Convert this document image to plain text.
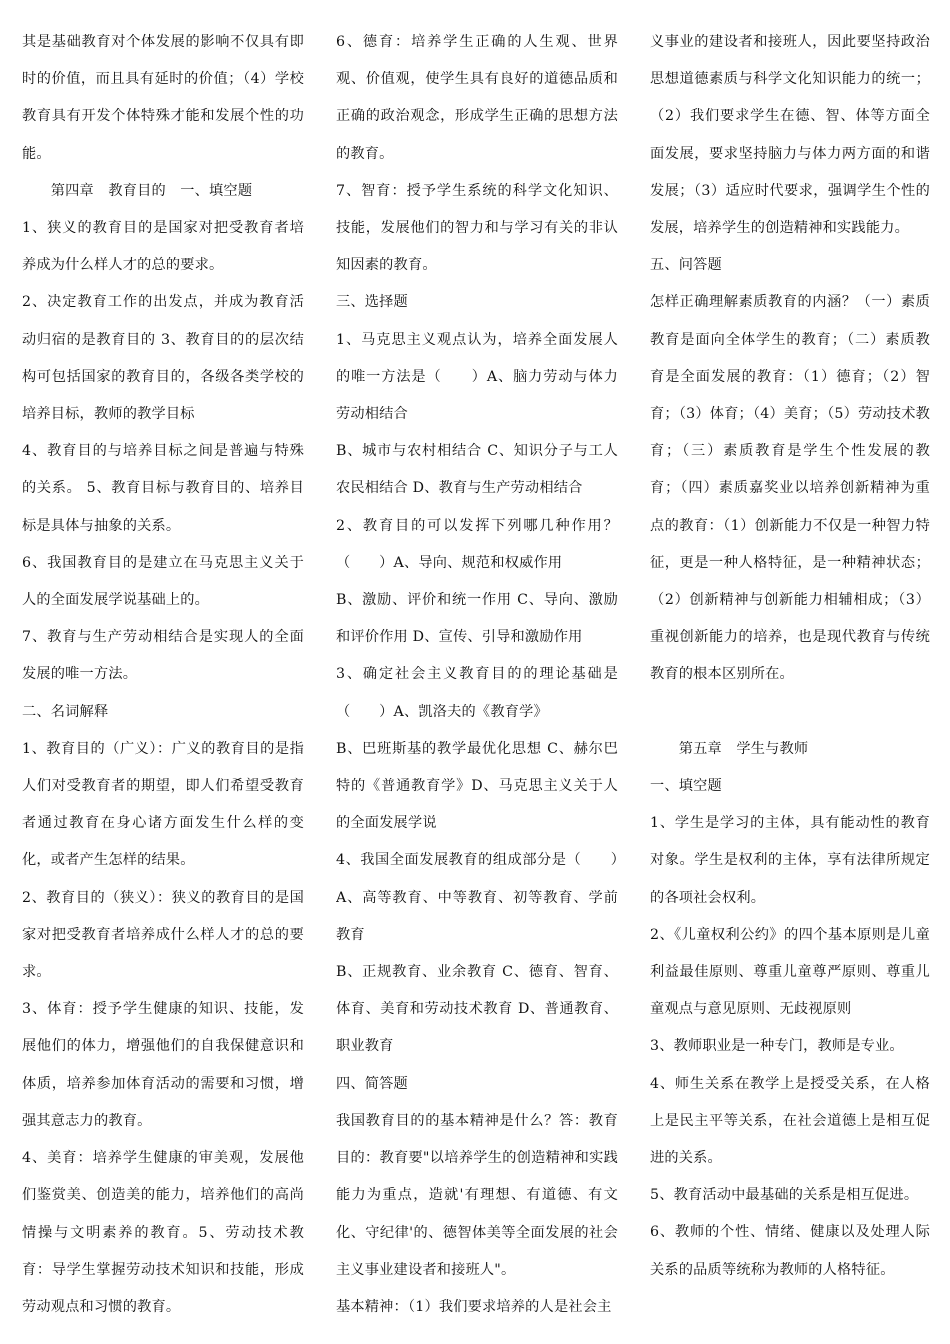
其是基础教育对个体发展的影响不仅具有即时的价值，而且具有延时的价值；（4）学校教育具有开发个体特殊才能和发展个性的功能。

　　第四章　教育目的　一、填空题

1、狭义的教育目的是国家对把受教育者培养成为什么样人才的总的要求。

2、决定教育工作的出发点，并成为教育活动归宿的是教育目的 3、教育目的的层次结构可包括国家的教育目的，各级各类学校的培养目标，教师的教学目标

4、教育目的与培养目标之间是普遍与特殊的关系。 5、教育目标与教育目的、培养目标是具体与抽象的关系。

6、我国教育目的是建立在马克思主义关于人的全面发展学说基础上的。

7、教育与生产劳动相结合是实现人的全面发展的唯一方法。

二、名词解释

1、教育目的（广义）：广义的教育目的是指人们对受教育者的期望，即人们希望受教育者通过教育在身心诸方面发生什么样的变化，或者产生怎样的结果。

2、教育目的（狭义）：狭义的教育目的是国家对把受教育者培养成什么样人才的总的要求。

3、体育：授予学生健康的知识、技能，发展他们的体力，增强他们的自我保健意识和体质，培养参加体育活动的需要和习惯，增强其意志力的教育。

4、美育：培养学生健康的审美观，发展他们鉴赏美、创造美的能力，培养他们的高尚情操与文明素养的教育。5、劳动技术教育：导学生掌握劳动技术知识和技能，形成劳动观点和习惯的教育。

6、德育：培养学生正确的人生观、世界观、价值观，使学生具有良好的道德品质和正确的政治观念，形成学生正确的思想方法的教育。

7、智育：授予学生系统的科学文化知识、技能，发展他们的智力和与学习有关的非认知因素的教育。

三、选择题

1、马克思主义观点认为，培养全面发展人的唯一方法是（　　）A、脑力劳动与体力劳动相结合

B、城市与农村相结合 C、知识分子与工人农民相结合 D、教育与生产劳动相结合

2、教育目的可以发挥下列哪几种作用？（　　）A、导向、规范和权威作用

B、激励、评价和统一作用 C、导向、激励和评价作用 D、宣传、引导和激励作用

3、确定社会主义教育目的的理论基础是（　　）A、凯洛夫的《教育学》

B、巴班斯基的教学最优化思想 C、赫尔巴特的《普通教育学》D、马克思主义关于人的全面发展学说

4、我国全面发展教育的组成部分是（　　）A、高等教育、中等教育、初等教育、学前教育

B、正规教育、业余教育 C、德育、智育、体育、美育和劳动技术教育 D、普通教育、职业教育

四、简答题

我国教育目的的基本精神是什么？答：教育目的：教育要"以培养学生的创造精神和实践能力为重点，造就'有理想、有道德、有文化、守纪律'的、德智体美等全面发展的社会主义事业建设者和接班人"。

基本精神：（1）我们要求培养的人是社会主

义事业的建设者和接班人，因此要坚持政治思想道德素质与科学文化知识能力的统一；（2）我们要求学生在德、智、体等方面全面发展，要求坚持脑力与体力两方面的和谐发展；（3）适应时代要求，强调学生个性的发展，培养学生的创造精神和实践能力。

五、问答题

怎样正确理解素质教育的内涵？（一）素质教育是面向全体学生的教育；（二）素质教育是全面发展的教育：（1）德育；（2）智育；（3）体育；（4）美育；（5）劳动技术教育；（三）素质教育是学生个性发展的教育；（四）素质嘉奖业以培养创新精神为重点的教育：（1）创新能力不仅是一种智力特征，更是一种人格特征，是一种精神状态；（2）创新精神与创新能力相辅相成；（3）重视创新能力的培养，也是现代教育与传统教育的根本区别所在。

　　第五章　学生与教师

一、填空题

1、学生是学习的主体，具有能动性的教育对象。学生是权利的主体，享有法律所规定的各项社会权利。

2、《儿童权利公约》的四个基本原则是儿童利益最佳原则、尊重儿童尊严原则、尊重儿童观点与意见原则、无歧视原则

3、教师职业是一种专门，教师是专业。

4、师生关系在教学上是授受关系，在人格上是民主平等关系，在社会道德上是相互促进的关系。

5、教育活动中最基础的关系是相互促进。

6、教师的个性、情绪、健康以及处理人际关系的品质等统称为教师的人格特征。
